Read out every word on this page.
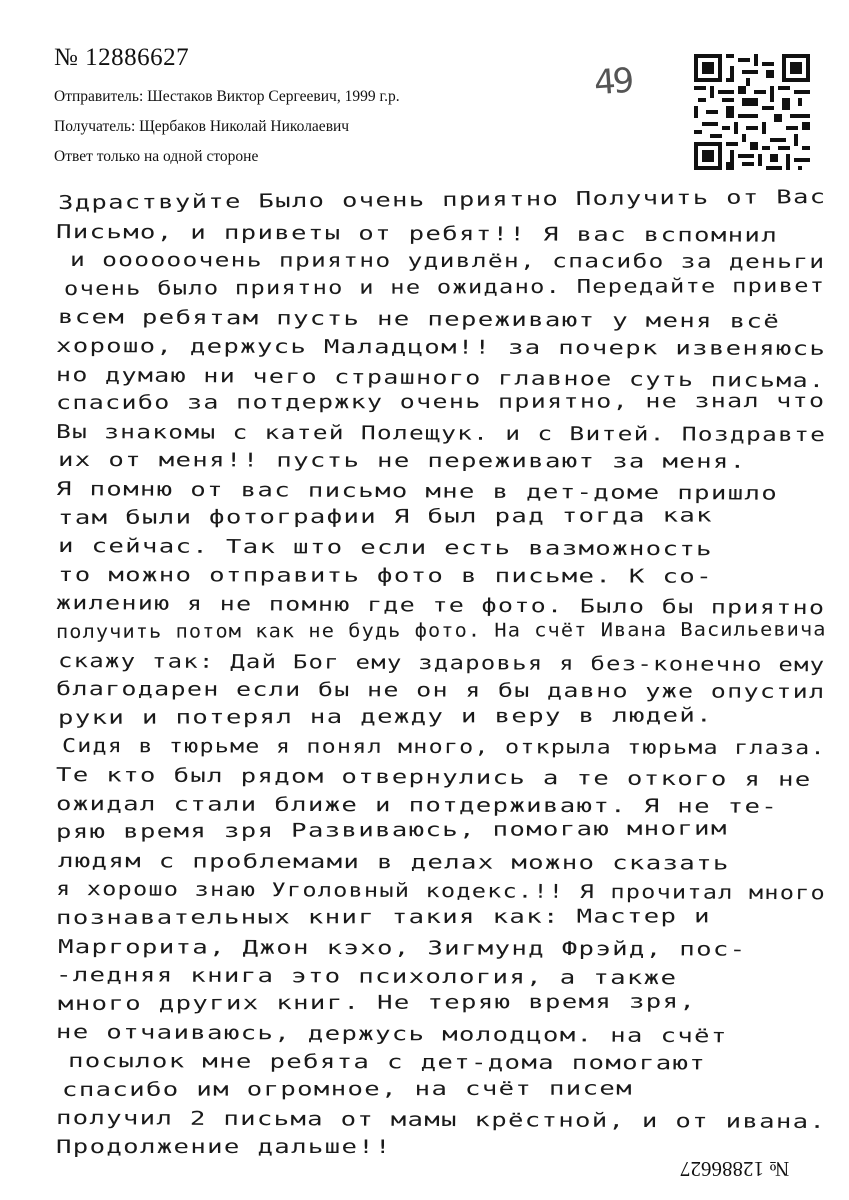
№ 12886627
Отправитель: Шестаков Виктор Сергеевич, 1999 г.р.
Получатель: Щербаков Николай Николаевич
Ответ только на одной стороне
49
Здраствуйте Было очень приятно Получить от Вас
Письмо, и приветы от ребят!! Я вас вспомнил
и оооооочень приятно удивлён, спасибо за деньги
очень было приятно и не ожидано. Передайте привет
всем ребятам пусть не переживают у меня всё
хорошо, держусь Маладцом!! за почерк извеняюсь
но думаю ни чего страшного главное суть письма.
спасибо за потдержку очень приятно, не знал что
Вы знакомы с катей Полещук. и с Витей. Поздравте
их от меня!! пусть не переживают за меня.
Я помню от вас письмо мне в дет-доме пришло
там были фотографии Я был рад тогда как
и сейчас. Так што если есть вазможность
то можно отправить фото в письме. К со-
жилению я не помню где те фото. Было бы приятно
получить потом как не будь фото. На счёт Ивана Васильевича
скажу так: Дай Бог ему здаровья я без-конечно ему
благодарен если бы не он я бы давно уже опустил
руки и потерял на дежду и веру в людей.
Сидя в тюрьме я понял много, открыла тюрьма глаза.
Те кто был рядом отвернулись а те откого я не
ожидал стали ближе и потдерживают. Я не те-
ряю время зря Развиваюсь, помогаю многим
людям с проблемами в делах можно сказать
я хорошо знаю Уголовный кодекс.!! Я прочитал много
познавательных книг такия как: Мастер и
Маргорита, Джон кэхо, Зигмунд Фрэйд, пос-
-ледняя книга это психология, а также
много других книг. Не теряю время зря,
не отчаиваюсь, держусь молодцом. на счёт
посылок мне ребята с дет-дома помогают
спасибо им огромное, на счёт писем
получил 2 письма от мамы крёстной, и от ивана.
Продолжение дальше!!
№ 12886627
